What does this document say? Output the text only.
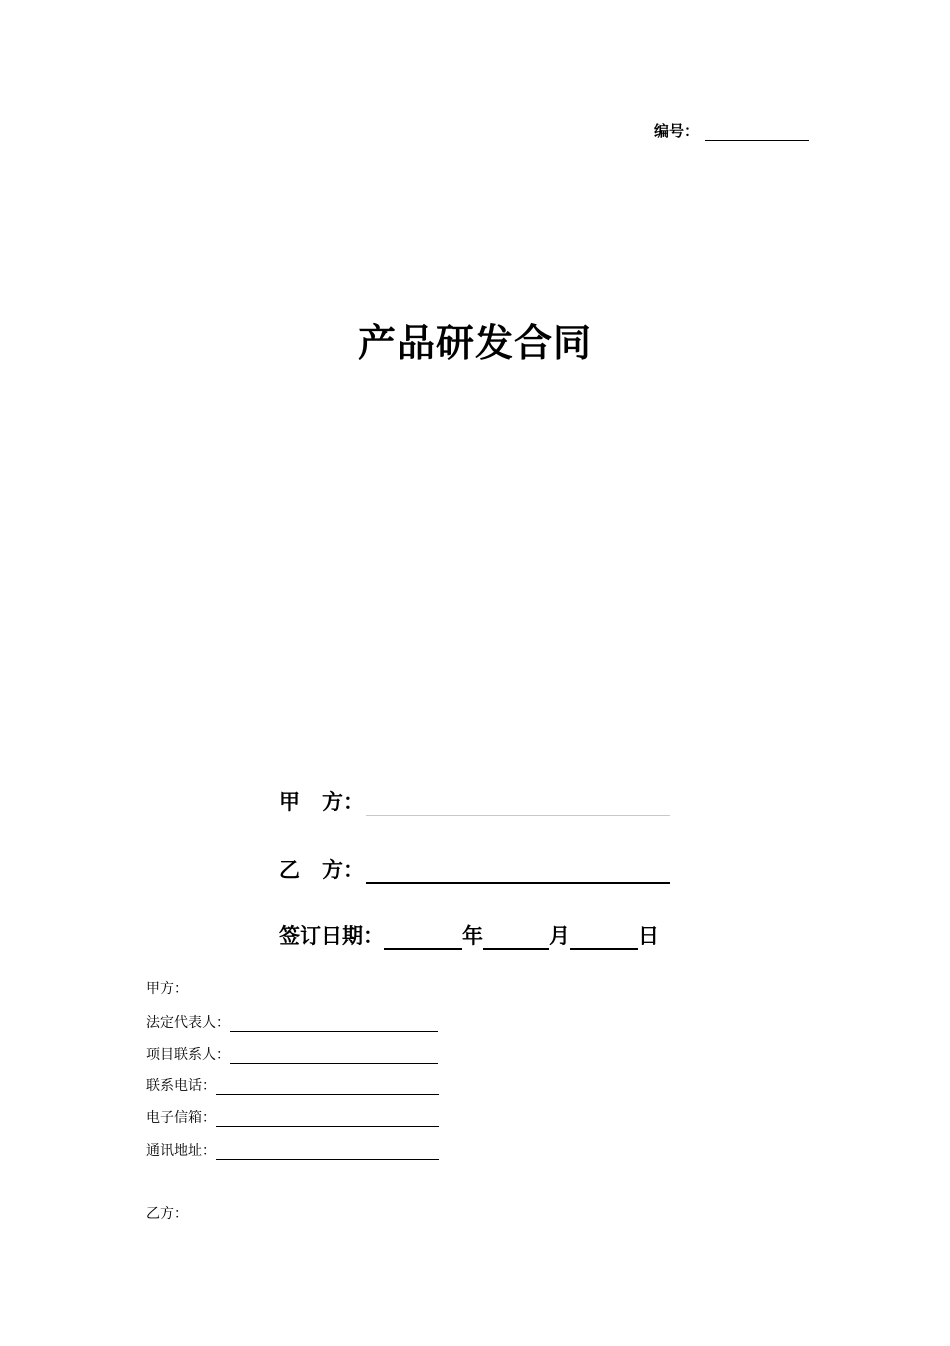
编号：
产品研发合同
甲 方：
乙 方：
签订日期：	年	月	日
甲方：
法定代表人：
项目联系人：
联系电话：
电子信箱：
通讯地址：
乙方：
